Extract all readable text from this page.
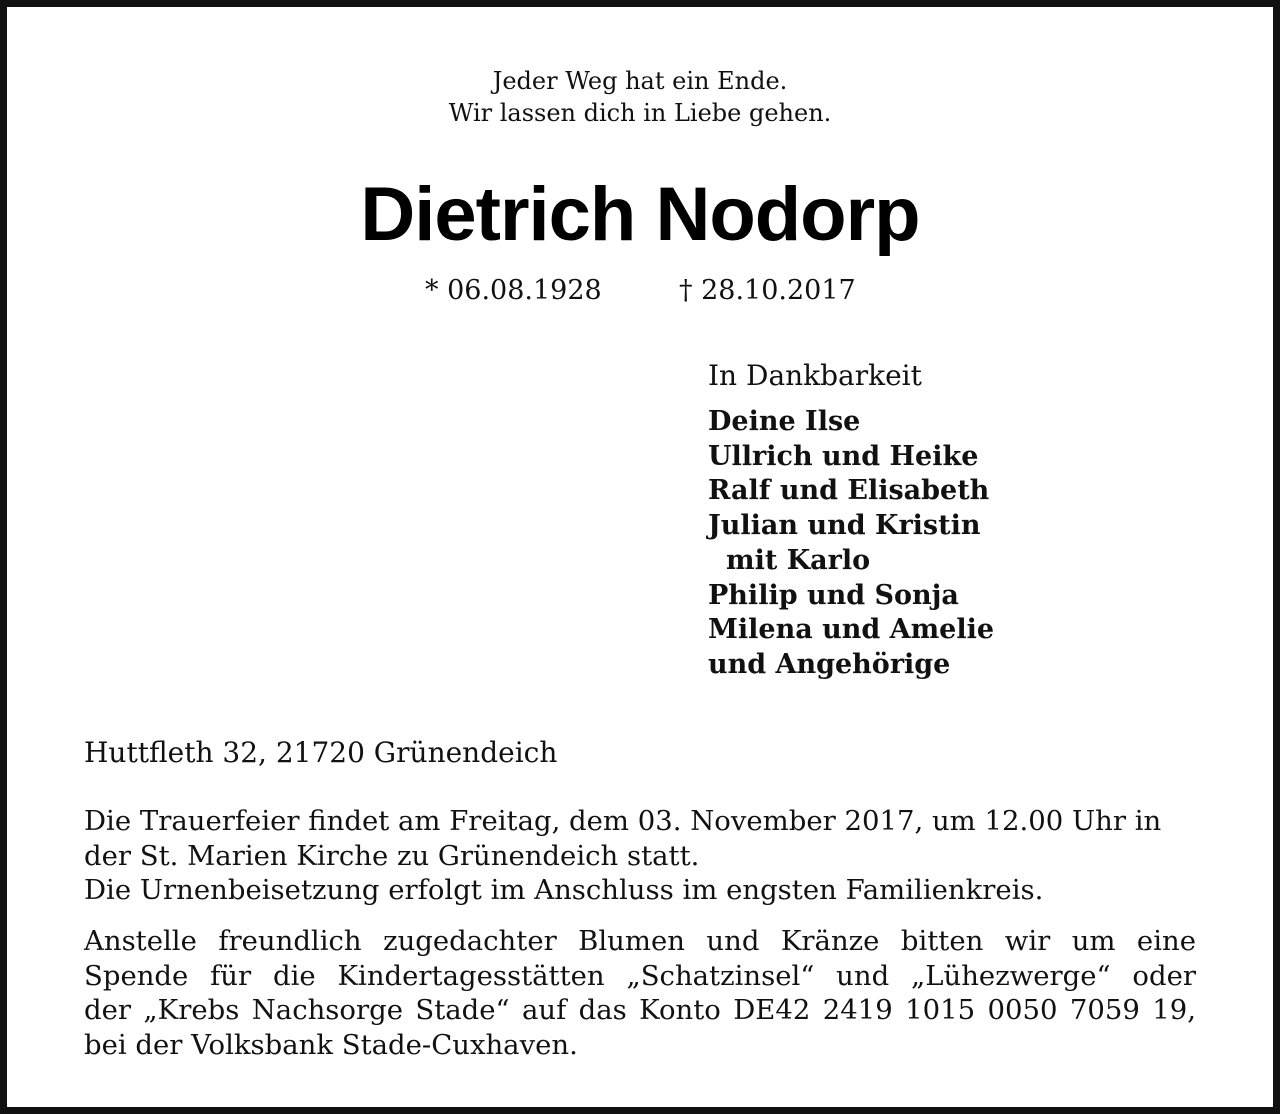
Jeder Weg hat ein Ende.
Wir lassen dich in Liebe gehen.
Dietrich Nodorp
* 06.08.1928	† 28.10.2017
In Dankbarkeit
Deine Ilse
Ullrich und Heike
Ralf und Elisabeth
Julian und Kristin
mit Karlo
Philip und Sonja
Milena und Amelie
und Angehörige
Huttfleth 32, 21720 Grünendeich

Die Trauerfeier findet am Freitag, dem 03. November 2017, um 12.00 Uhr in
der St. Marien Kirche zu Grünendeich statt.
Die Urnenbeisetzung erfolgt im Anschluss im engsten Familienkreis.

Anstelle freundlich zugedachter Blumen und Kränze bitten wir um eine
Spende für die Kindertagesstätten „Schatzinsel“ und „Lühezwerge“ oder
der „Krebs Nachsorge Stade“ auf das Konto DE42 2419 1015 0050 7059 19,
bei der Volksbank Stade-Cuxhaven.
